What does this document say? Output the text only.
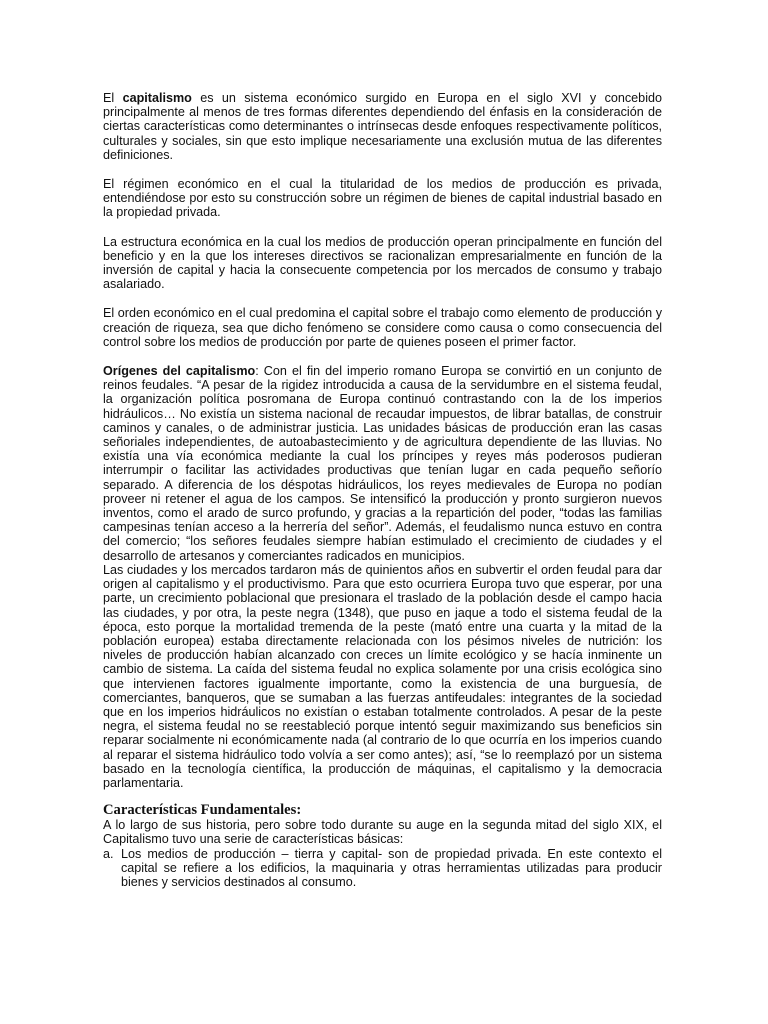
El capitalismo es un sistema económico surgido en Europa en el siglo XVI y concebido principalmente al menos de tres formas diferentes dependiendo del énfasis en la consideración de ciertas características como determinantes o intrínsecas desde enfoques respectivamente políticos, culturales y sociales, sin que esto implique necesariamente una exclusión mutua de las diferentes definiciones.

El régimen económico en el cual la titularidad de los medios de producción es privada, entendiéndose por esto su construcción sobre un régimen de bienes de capital industrial basado en la propiedad privada.

La estructura económica en la cual los medios de producción operan principalmente en función del beneficio y en la que los intereses directivos se racionalizan empresarialmente en función de la inversión de capital y hacia la consecuente competencia por los mercados de consumo y trabajo asalariado.

El orden económico en el cual predomina el capital sobre el trabajo como elemento de producción y creación de riqueza, sea que dicho fenómeno se considere como causa o como consecuencia del control sobre los medios de producción por parte de quienes poseen el primer factor.

Orígenes del capitalismo: Con el fin del imperio romano Europa se convirtió en un conjunto de reinos feudales. “A pesar de la rigidez introducida a causa de la servidumbre en el sistema feudal, la organización política posromana de Europa continuó contrastando con la de los imperios hidráulicos… No existía un sistema nacional de recaudar impuestos, de librar batallas, de construir caminos y canales, o de administrar justicia. Las unidades básicas de producción eran las casas señoriales independientes, de autoabastecimiento y de agricultura dependiente de las lluvias. No existía una vía económica mediante la cual los príncipes y reyes más poderosos pudieran interrumpir o facilitar las actividades productivas que tenían lugar en cada pequeño señorío separado. A diferencia de los déspotas hidráulicos, los reyes medievales de Europa no podían proveer ni retener el agua de los campos. Se intensificó la producción y pronto surgieron nuevos inventos, como el arado de surco profundo, y gracias a la repartición del poder, “todas las familias campesinas tenían acceso a la herrería del señor”. Además, el feudalismo nunca estuvo en contra del comercio; “los señores feudales siempre habían estimulado el crecimiento de ciudades y el desarrollo de artesanos y comerciantes radicados en municipios.

Las ciudades y los mercados tardaron más de quinientos años en subvertir el orden feudal para dar origen al capitalismo y el productivismo. Para que esto ocurriera Europa tuvo que esperar, por una parte, un crecimiento poblacional que presionara el traslado de la población desde el campo hacia las ciudades, y por otra, la peste negra (1348), que puso en jaque a todo el sistema feudal de la época, esto porque la mortalidad tremenda de la peste (mató entre una cuarta y la mitad de la población europea) estaba directamente relacionada con los pésimos niveles de nutrición: los niveles de producción habían alcanzado con creces un límite ecológico y se hacía inminente un cambio de sistema. La caída del sistema feudal no explica solamente por una crisis ecológica sino que intervienen factores igualmente importante, como la existencia de una burguesía, de comerciantes, banqueros, que se sumaban a las fuerzas antifeudales: integrantes de la sociedad que en los imperios hidráulicos no existían o estaban totalmente controlados. A pesar de la peste negra, el sistema feudal no se reestableció porque intentó seguir maximizando sus beneficios sin reparar socialmente ni económicamente nada (al contrario de lo que ocurría en los imperios cuando al reparar el sistema hidráulico todo volvía a ser como antes); así, “se lo reemplazó por un sistema basado en la tecnología científica, la producción de máquinas, el capitalismo y la democracia parlamentaria.

Características Fundamentales:

A lo largo de sus historia, pero sobre todo durante su auge en la segunda mitad del siglo XIX, el Capitalismo tuvo una serie de características básicas:

a. Los medios de producción – tierra y capital- son de propiedad privada. En este contexto el capital se refiere a los edificios, la maquinaria y otras herramientas utilizadas para producir bienes y servicios destinados al consumo.
